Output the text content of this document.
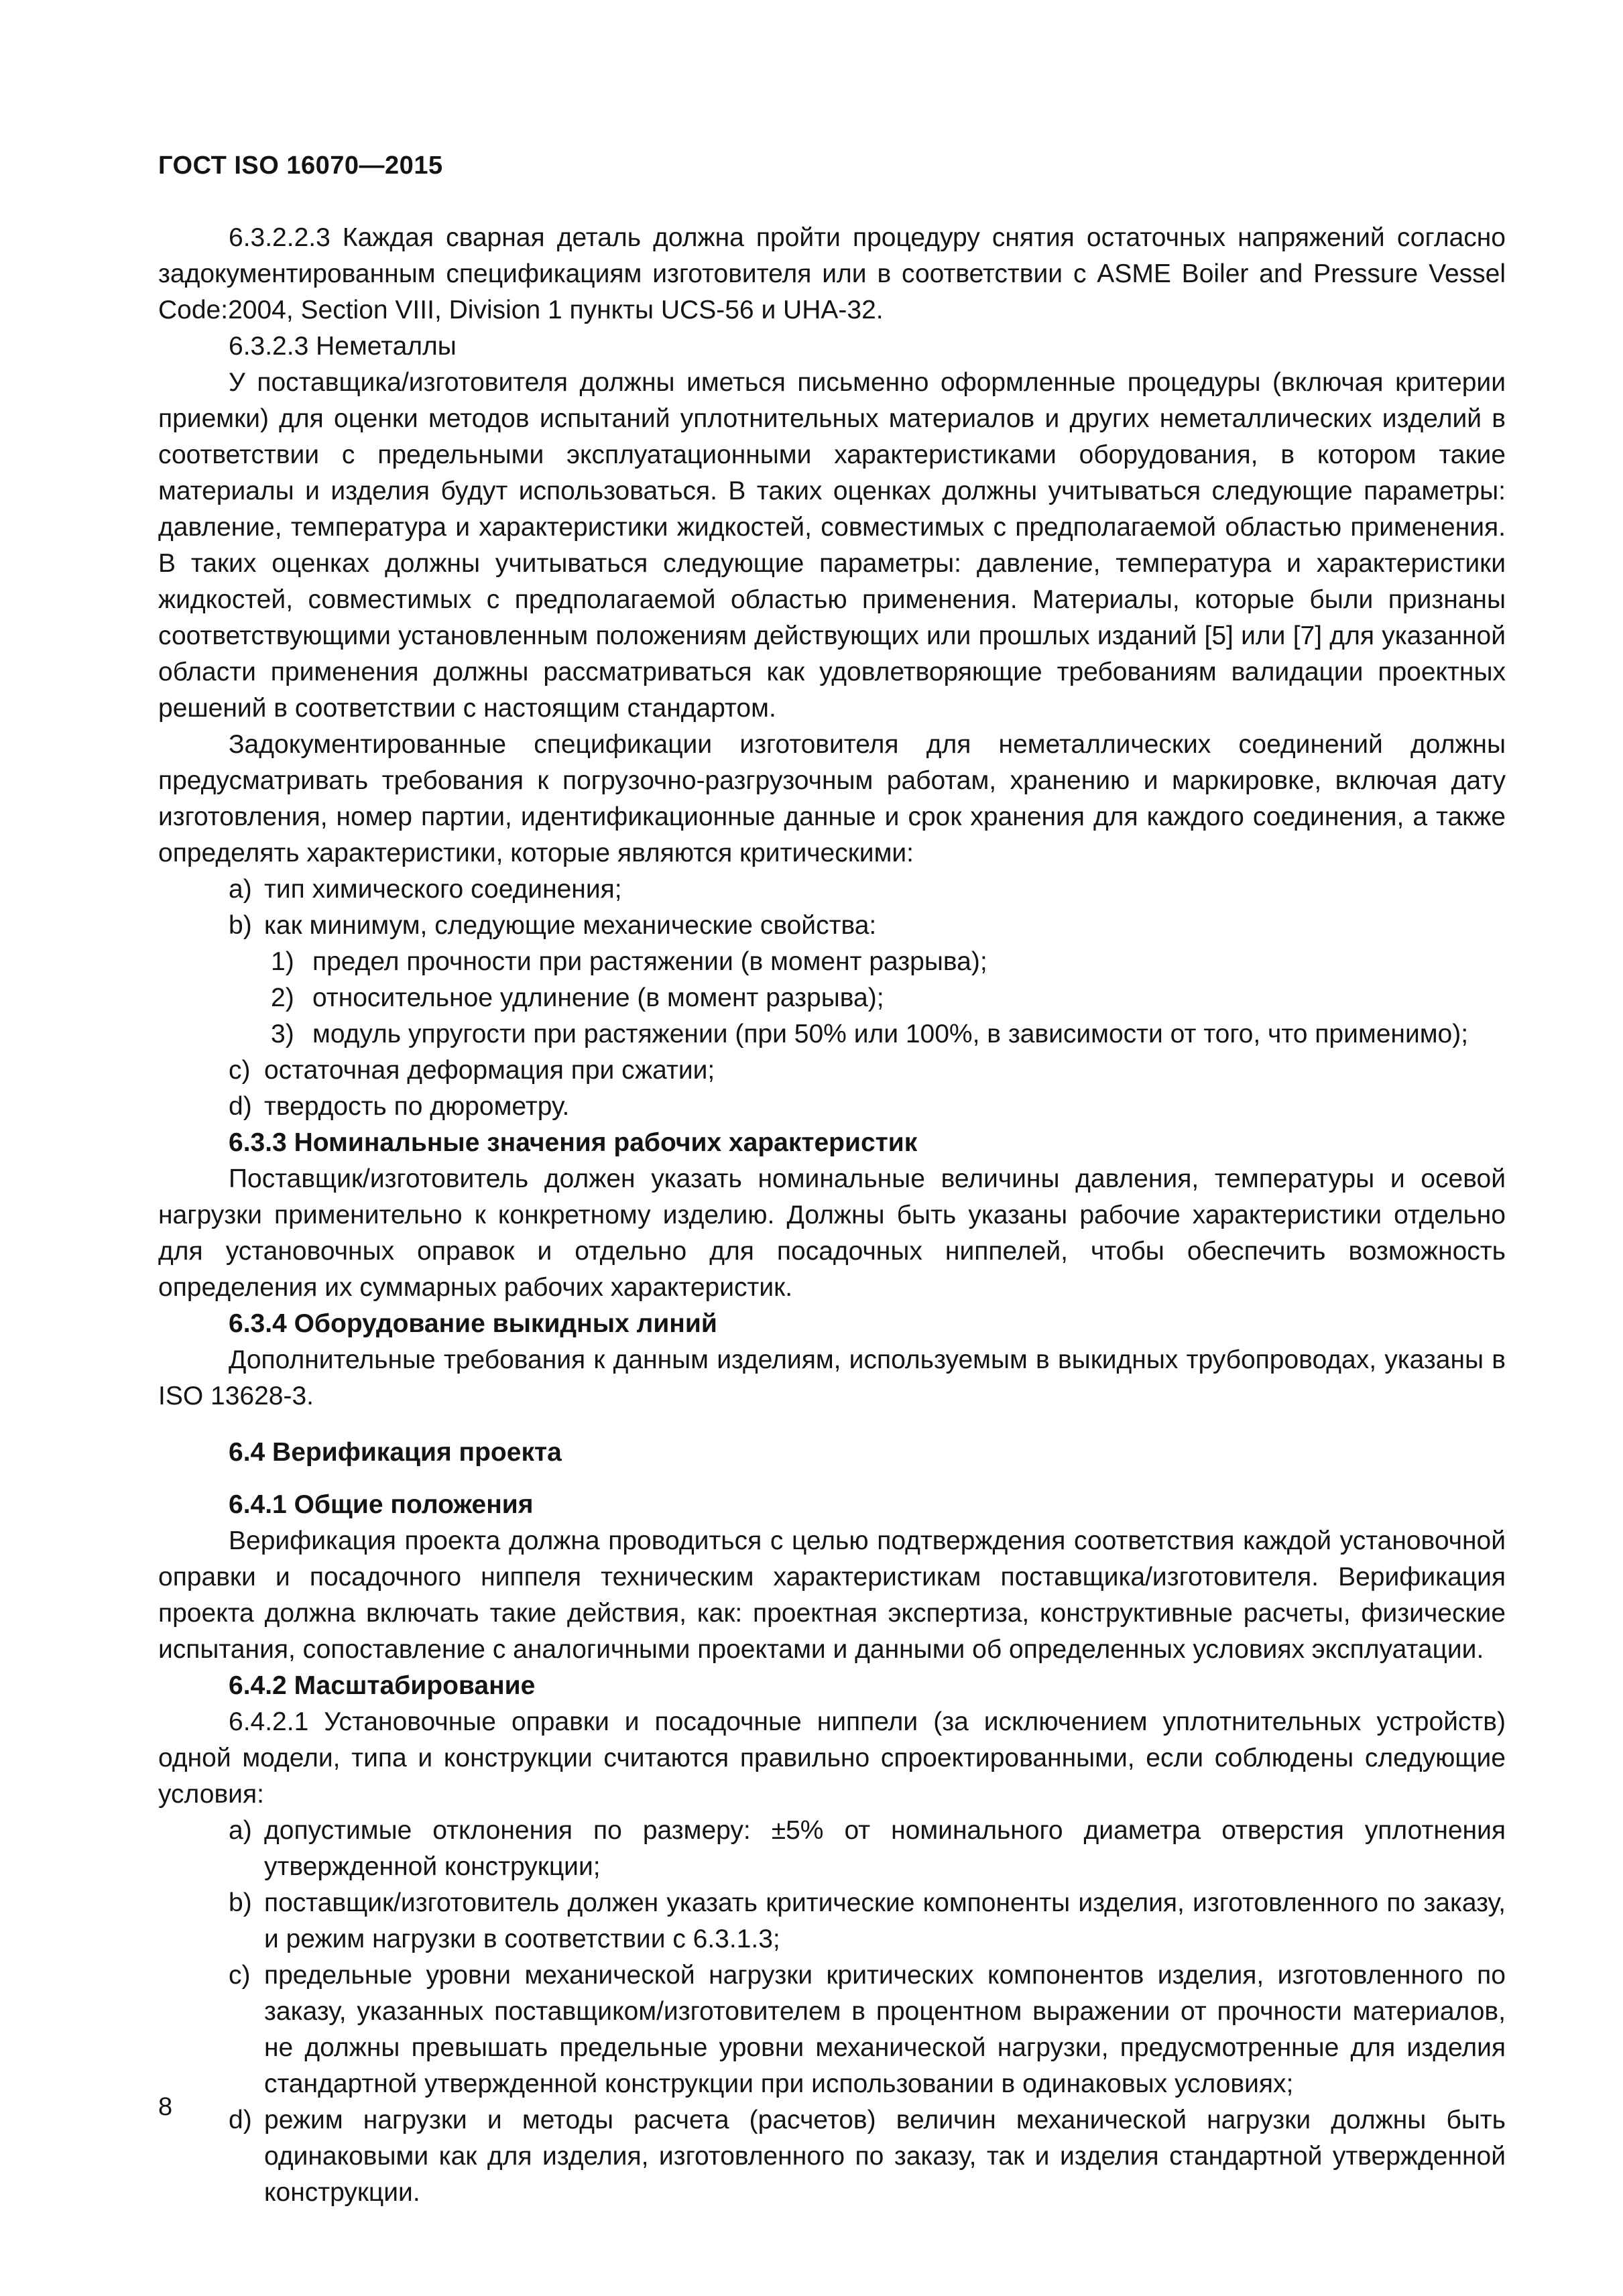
ГОСТ ISO 16070—2015

6.3.2.2.3 Каждая сварная деталь должна пройти процедуру снятия остаточных напряжений согласно задокументированным спецификациям изготовителя или в соответствии с ASME Boiler and Pressure Vessel Code:2004, Section VIII, Division 1 пункты UCS-56 и UHA-32.

6.3.2.3 Неметаллы

У поставщика/изготовителя должны иметься письменно оформленные процедуры (включая критерии приемки) для оценки методов испытаний уплотнительных материалов и других неметаллических изделий в соответствии с предельными эксплуатационными характеристиками оборудования, в котором такие материалы и изделия будут использоваться. В таких оценках должны учитываться следующие параметры: давление, температура и характеристики жидкостей, совместимых с предполагаемой областью применения. В таких оценках должны учитываться следующие параметры: давление, температура и характеристики жидкостей, совместимых с предполагаемой областью применения. Материалы, которые были признаны соответствующими установленным положениям действующих или прошлых изданий [5] или [7] для указанной области применения должны рассматриваться как удовлетворяющие требованиям валидации проектных решений в соответствии с настоящим стандартом.

Задокументированные спецификации изготовителя для неметаллических соединений должны предусматривать требования к погрузочно-разгрузочным работам, хранению и маркировке, включая дату изготовления, номер партии, идентификационные данные и срок хранения для каждого соединения, а также определять характеристики, которые являются критическими:

a) тип химического соединения;
b) как минимум, следующие механические свойства:
1) предел прочности при растяжении (в момент разрыва);
2) относительное удлинение (в момент разрыва);
3) модуль упругости при растяжении (при 50% или 100%, в зависимости от того, что применимо);
c) остаточная деформация при сжатии;
d) твердость по дюрометру.

6.3.3 Номинальные значения рабочих характеристик

Поставщик/изготовитель должен указать номинальные величины давления, температуры и осевой нагрузки применительно к конкретному изделию. Должны быть указаны рабочие характеристики отдельно для установочных оправок и отдельно для посадочных ниппелей, чтобы обеспечить возможность определения их суммарных рабочих характеристик.

6.3.4 Оборудование выкидных линий

Дополнительные требования к данным изделиям, используемым в выкидных трубопроводах, указаны в ISO 13628-3.

6.4 Верификация проекта

6.4.1 Общие положения

Верификация проекта должна проводиться с целью подтверждения соответствия каждой установочной оправки и посадочного ниппеля техническим характеристикам поставщика/изготовителя. Верификация проекта должна включать такие действия, как: проектная экспертиза, конструктивные расчеты, физические испытания, сопоставление с аналогичными проектами и данными об определенных условиях эксплуатации.

6.4.2 Масштабирование

6.4.2.1 Установочные оправки и посадочные ниппели (за исключением уплотнительных устройств) одной модели, типа и конструкции считаются правильно спроектированными, если соблюдены следующие условия:

a) допустимые отклонения по размеру: ±5% от номинального диаметра отверстия уплотнения утвержденной конструкции;
b) поставщик/изготовитель должен указать критические компоненты изделия, изготовленного по заказу, и режим нагрузки в соответствии с 6.3.1.3;
c) предельные уровни механической нагрузки критических компонентов изделия, изготовленного по заказу, указанных поставщиком/изготовителем в процентном выражении от прочности материалов, не должны превышать предельные уровни механической нагрузки, предусмотренные для изделия стандартной утвержденной конструкции при использовании в одинаковых условиях;
d) режим нагрузки и методы расчета (расчетов) величин механической нагрузки должны быть одинаковыми как для изделия, изготовленного по заказу, так и изделия стандартной утвержденной конструкции.
8
